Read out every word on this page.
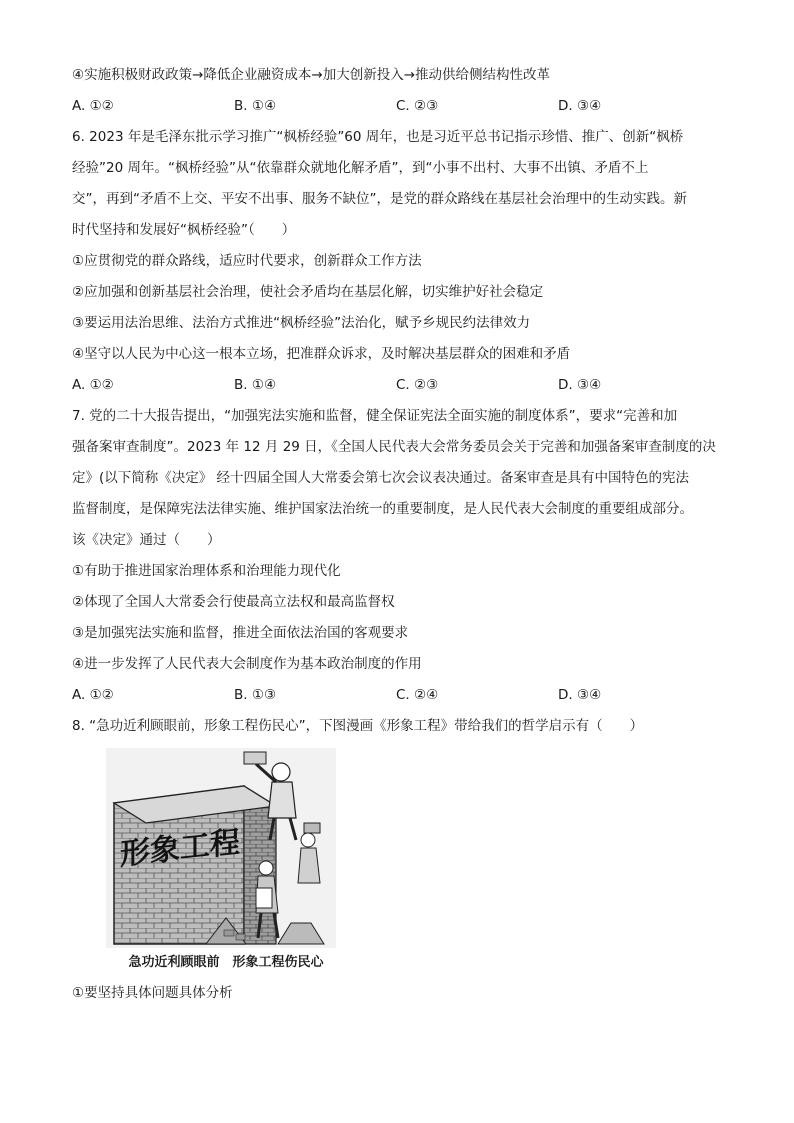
④实施积极财政政策→降低企业融资成本→加大创新投入→推动供给侧结构性改革
A. ①②	B. ①④	C. ②③	D. ③④
6. 2023 年是毛泽东批示学习推广“枫桥经验”60 周年，也是习近平总书记指示珍惜、推广、创新“枫桥
经验”20 周年。“枫桥经验”从“依靠群众就地化解矛盾”，到“小事不出村、大事不出镇、矛盾不上
交”，再到“矛盾不上交、平安不出事、服务不缺位”，是党的群众路线在基层社会治理中的生动实践。新
时代坚持和发展好“枫桥经验”（　　）
①应贯彻党的群众路线，适应时代要求，创新群众工作方法
②应加强和创新基层社会治理，使社会矛盾均在基层化解，切实维护好社会稳定
③要运用法治思维、法治方式推进“枫桥经验”法治化，赋予乡规民约法律效力
④坚守以人民为中心这一根本立场，把准群众诉求，及时解决基层群众的困难和矛盾
A. ①②	B. ①④	C. ②③	D. ③④
7. 党的二十大报告提出，“加强宪法实施和监督，健全保证宪法全面实施的制度体系”，要求“完善和加
强备案审查制度”。2023 年 12 月 29 日，《全国人民代表大会常务委员会关于完善和加强备案审查制度的决
定》(以下简称《决定》 经十四届全国人大常委会第七次会议表决通过。备案审查是具有中国特色的宪法
监督制度，是保障宪法法律实施、维护国家法治统一的重要制度，是人民代表大会制度的重要组成部分。
该《决定》通过（　　）
①有助于推进国家治理体系和治理能力现代化
②体现了全国人大常委会行使最高立法权和最高监督权
③是加强宪法实施和监督，推进全面依法治国的客观要求
④进一步发挥了人民代表大会制度作为基本政治制度的作用
A. ①②	B. ①③	C. ②④	D. ③④
8. “急功近利顾眼前，形象工程伤民心”，下图漫画《形象工程》带给我们的哲学启示有（　　）
形象工程
急功近利顾眼前　形象工程伤民心
①要坚持具体问题具体分析
